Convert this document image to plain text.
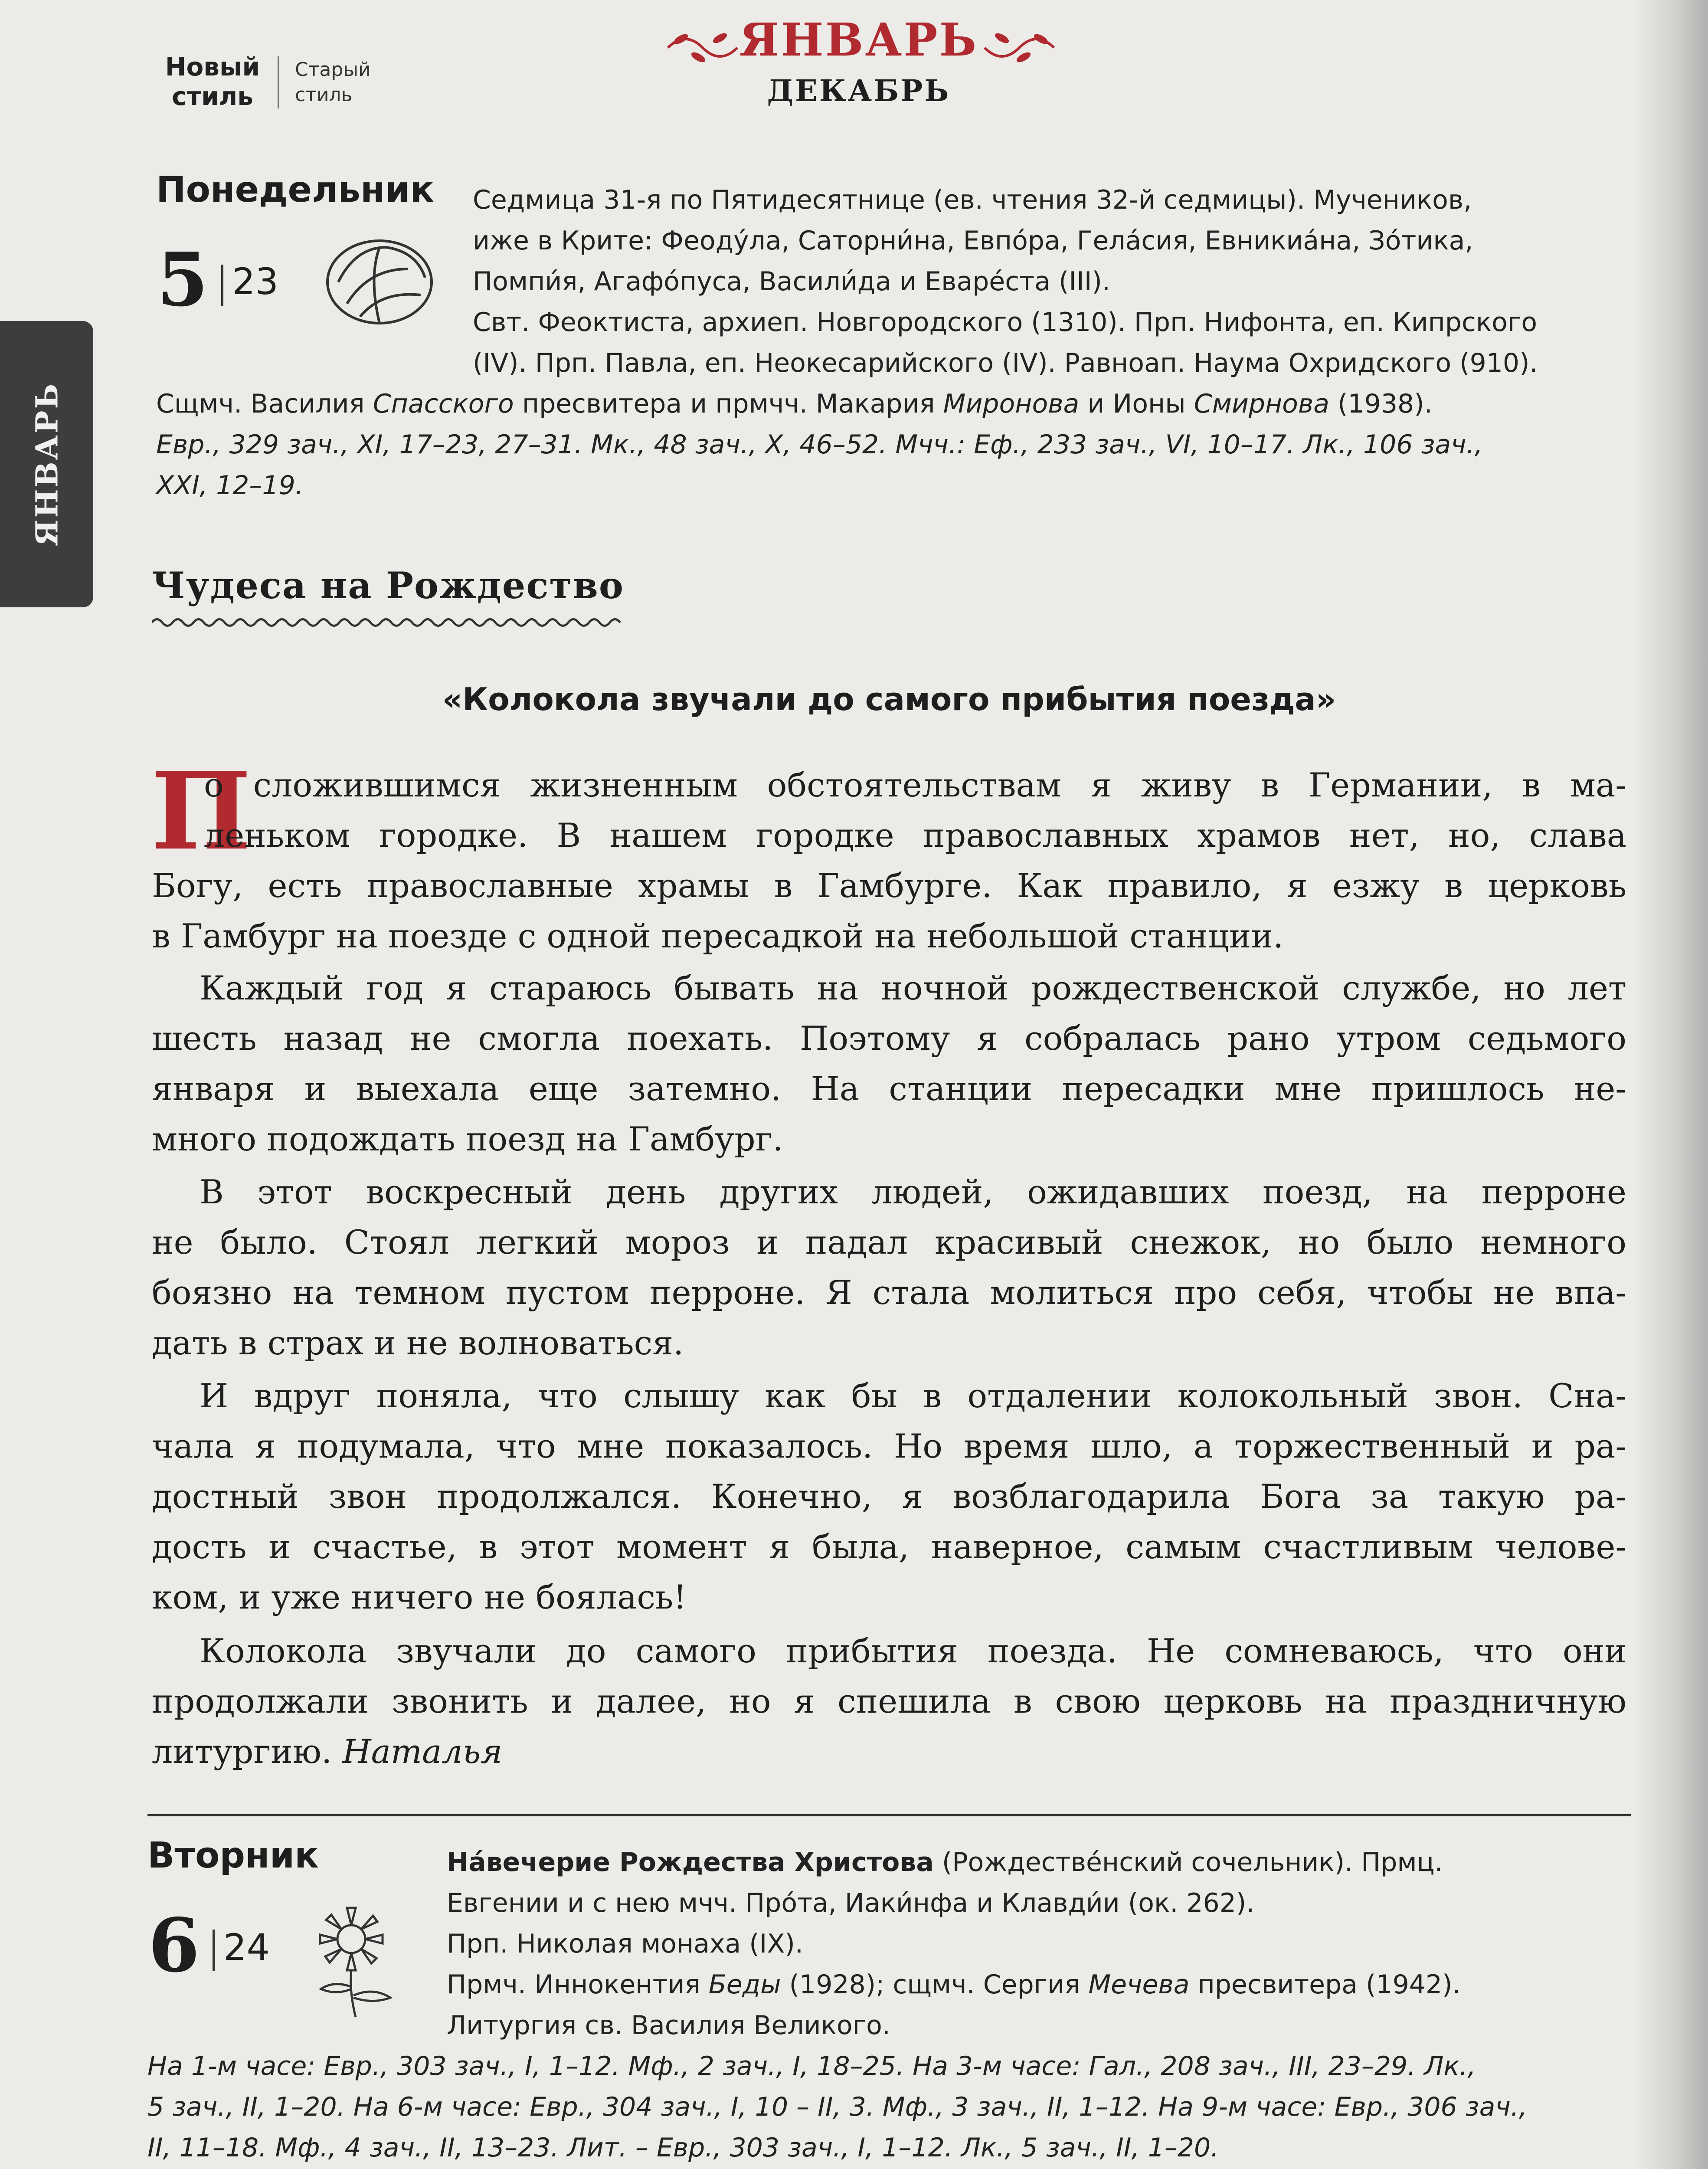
Новый
стиль
Старый
стиль
ЯНВАРЬ
ДЕКАБРЬ
ЯНВАРЬ
Понедельник
5 23
Седмица 31-я по Пятидесятнице (ев. чтения 32-й седмицы). Мучеников,
иже в Крите: Феоду́ла, Саторни́на, Евпо́ра, Гела́сия, Евникиа́на, Зо́тика,
Помпи́я, Агафо́пуса, Васили́да и Еваре́ста (III).
Свт. Феоктиста, архиеп. Новгородского (1310). Прп. Нифонта, еп. Кипрского
(IV). Прп. Павла, еп. Неокесарийского (IV). Равноап. Наума Охридского (910).
Сщмч. Василия Спасского пресвитера и прмчч. Макария Миронова и Ионы Смирнова (1938).
Евр., 329 зач., XI, 17–23, 27–31. Мк., 48 зач., X, 46–52. Мчч.: Еф., 233 зач., VI, 10–17. Лк., 106 зач.,
XXI, 12–19.
Чудеса на Рождество
«Колокола звучали до самого прибытия поезда»
П
о сложившимся жизненным обстоятельствам я живу в Германии, в ма-
леньком городке. В нашем городке православных храмов нет, но, слава
Богу, есть православные храмы в Гамбурге. Как правило, я езжу в церковь
в Гамбург на поезде с одной пересадкой на небольшой станции.
Каждый год я стараюсь бывать на ночной рождественской службе, но лет
шесть назад не смогла поехать. Поэтому я собралась рано утром седьмого
января и выехала еще затемно. На станции пересадки мне пришлось не-
много подождать поезд на Гамбург.
В этот воскресный день других людей, ожидавших поезд, на перроне
не было. Стоял легкий мороз и падал красивый снежок, но было немного
боязно на темном пустом перроне. Я стала молиться про себя, чтобы не впа-
дать в страх и не волноваться.
И вдруг поняла, что слышу как бы в отдалении колокольный звон. Сна-
чала я подумала, что мне показалось. Но время шло, а торжественный и ра-
достный звон продолжался. Конечно, я возблагодарила Бога за такую ра-
дость и счастье, в этот момент я была, наверное, самым счастливым челове-
ком, и уже ничего не боялась!
Колокола звучали до самого прибытия поезда. Не сомневаюсь, что они
продолжали звонить и далее, но я спешила в свою церковь на праздничную
литургию. Наталья
Вторник
6 24
На́вечерие Рождества Христова (Рождестве́нский сочельник). Прмц.
Евгении и с нею мчч. Про́та, Иаки́нфа и Клавди́и (ок. 262).
Прп. Николая монаха (IX).
Прмч. Иннокентия Беды (1928); сщмч. Сергия Мечева пресвитера (1942).
Литургия св. Василия Великого.
На 1-м часе: Евр., 303 зач., I, 1–12. Мф., 2 зач., I, 18–25. На 3-м часе: Гал., 208 зач., III, 23–29. Лк.,
5 зач., II, 1–20. На 6-м часе: Евр., 304 зач., I, 10 – II, 3. Мф., 3 зач., II, 1–12. На 9-м часе: Евр., 306 зач.,
II, 11–18. Мф., 4 зач., II, 13–23. Лит. – Евр., 303 зач., I, 1–12. Лк., 5 зач., II, 1–20.
